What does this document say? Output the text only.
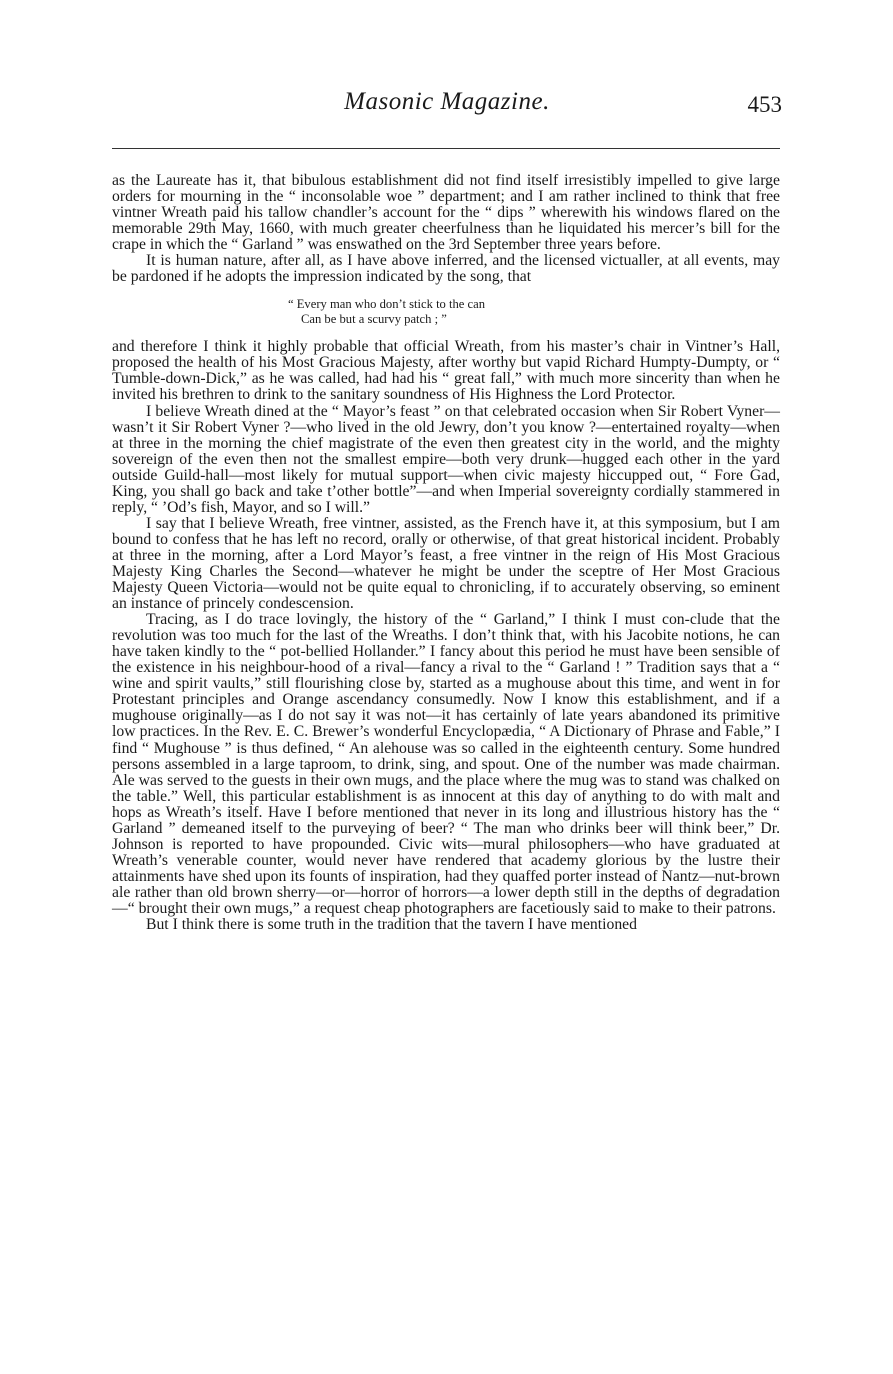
Masonic Magazine.	453

as the Laureate has it, that bibulous establishment did not find itself irresistibly impelled to give large orders for mourning in the “ inconsolable woe ” department; and I am rather inclined to think that free vintner Wreath paid his tallow chandler’s account for the “ dips ” wherewith his windows flared on the memorable 29th May, 1660, with much greater cheerfulness than he liquidated his mercer’s bill for the crape in which the “ Garland ” was enswathed on the 3rd September three years before.

It is human nature, after all, as I have above inferred, and the licensed victualler, at all events, may be pardoned if he adopts the impression indicated by the song, that

“ Every man who don’t stick to the can
Can be but a scurvy patch ; ”

and therefore I think it highly probable that official Wreath, from his master’s chair in Vintner’s Hall, proposed the health of his Most Gracious Majesty, after worthy but vapid Richard Humpty-Dumpty, or “ Tumble-down-Dick,” as he was called, had had his “ great fall,” with much more sincerity than when he invited his brethren to drink to the sanitary soundness of His Highness the Lord Protector.

I believe Wreath dined at the “ Mayor’s feast ” on that celebrated occasion when Sir Robert Vyner—wasn’t it Sir Robert Vyner ?—who lived in the old Jewry, don’t you know ?—entertained royalty—when at three in the morning the chief magistrate of the even then greatest city in the world, and the mighty sovereign of the even then not the smallest empire—both very drunk—hugged each other in the yard outside Guild-hall—most likely for mutual support—when civic majesty hiccupped out, “ Fore Gad, King, you shall go back and take t’other bottle”—and when Imperial sovereignty cordially stammered in reply, “ ’Od’s fish, Mayor, and so I will.”

I say that I believe Wreath, free vintner, assisted, as the French have it, at this symposium, but I am bound to confess that he has left no record, orally or otherwise, of that great historical incident. Probably at three in the morning, after a Lord Mayor’s feast, a free vintner in the reign of His Most Gracious Majesty King Charles the Second—whatever he might be under the sceptre of Her Most Gracious Majesty Queen Victoria—would not be quite equal to chronicling, if to accurately observing, so eminent an instance of princely condescension.

Tracing, as I do trace lovingly, the history of the “ Garland,” I think I must con-clude that the revolution was too much for the last of the Wreaths. I don’t think that, with his Jacobite notions, he can have taken kindly to the “ pot-bellied Hollander.” I fancy about this period he must have been sensible of the existence in his neighbour-hood of a rival—fancy a rival to the “ Garland ! ” Tradition says that a “ wine and spirit vaults,” still flourishing close by, started as a mughouse about this time, and went in for Protestant principles and Orange ascendancy consumedly. Now I know this establishment, and if a mughouse originally—as I do not say it was not—it has certainly of late years abandoned its primitive low practices. In the Rev. E. C. Brewer’s wonderful Encyclopædia, “ A Dictionary of Phrase and Fable,” I find “ Mughouse ” is thus defined, “ An alehouse was so called in the eighteenth century. Some hundred persons assembled in a large taproom, to drink, sing, and spout. One of the number was made chairman. Ale was served to the guests in their own mugs, and the place where the mug was to stand was chalked on the table.” Well, this particular establishment is as innocent at this day of anything to do with malt and hops as Wreath’s itself. Have I before mentioned that never in its long and illustrious history has the “ Garland ” demeaned itself to the purveying of beer? “ The man who drinks beer will think beer,” Dr. Johnson is reported to have propounded. Civic wits—mural philosophers—who have graduated at Wreath’s venerable counter, would never have rendered that academy glorious by the lustre their attainments have shed upon its founts of inspiration, had they quaffed porter instead of Nantz—nut-brown ale rather than old brown sherry—or—horror of horrors—a lower depth still in the depths of degradation—“ brought their own mugs,” a request cheap photographers are facetiously said to make to their patrons.

But I think there is some truth in the tradition that the tavern I have mentioned
